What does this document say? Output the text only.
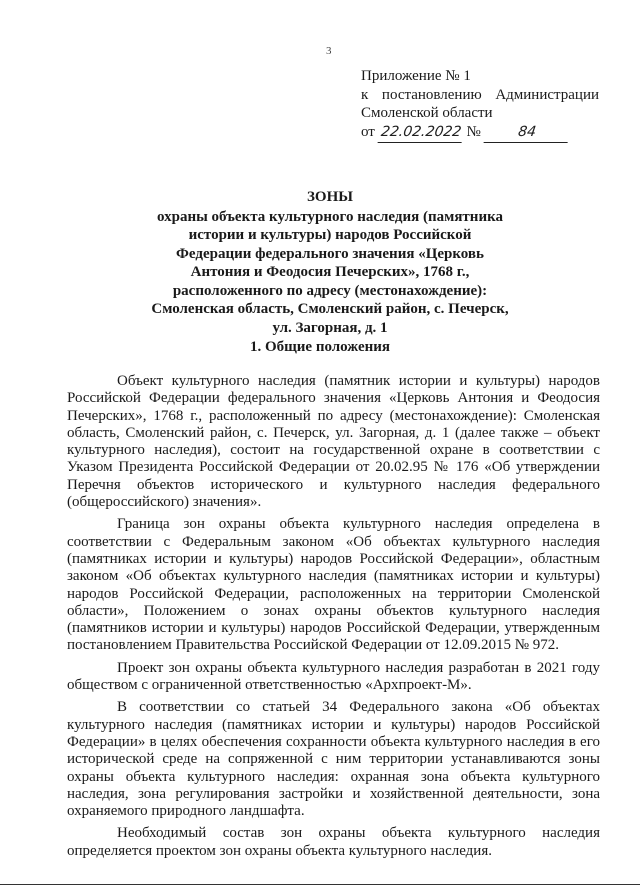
3
Приложение № 1
к постановлению Администрации
Смоленской области
от 22.02.2022 №	84
ЗОНЫ
охраны объекта культурного наследия (памятника
истории и культуры) народов Российской
Федерации федерального значения «Церковь
Антония и Феодосия Печерских», 1768 г.,
расположенного по адресу (местонахождение):
Смоленская область, Смоленский район, с. Печерск,
ул. Загорная, д. 1
1. Общие положения

Объект культурного наследия (памятник истории и культуры) народов Российской Федерации федерального значения «Церковь Антония и Феодосия Печерских», 1768 г., расположенный по адресу (местонахождение): Смоленская область, Смоленский район, с. Печерск, ул. Загорная, д. 1 (далее также – объект культурного наследия), состоит на государственной охране в соответствии с Указом Президента Российской Федерации от 20.02.95 № 176 «Об утверждении Перечня объектов исторического и культурного наследия федерального (общероссийского) значения».

Граница зон охраны объекта культурного наследия определена в соответствии с Федеральным законом «Об объектах культурного наследия (памятниках истории и культуры) народов Российской Федерации», областным законом «Об объектах культурного наследия (памятниках истории и культуры) народов Российской Федерации, расположенных на территории Смоленской области», Положением о зонах охраны объектов культурного наследия (памятников истории и культуры) народов Российской Федерации, утвержденным постановлением Правительства Российской Федерации от 12.09.2015 № 972.

Проект зон охраны объекта культурного наследия разработан в 2021 году обществом с ограниченной ответственностью «Архпроект-М».

В соответствии со статьей 34 Федерального закона «Об объектах культурного наследия (памятниках истории и культуры) народов Российской Федерации» в целях обеспечения сохранности объекта культурного наследия в его исторической среде на сопряженной с ним территории устанавливаются зоны охраны объекта культурного наследия: охранная зона объекта культурного наследия, зона регулирования застройки и хозяйственной деятельности, зона охраняемого природного ландшафта.

Необходимый состав зон охраны объекта культурного наследия определяется проектом зон охраны объекта культурного наследия.
